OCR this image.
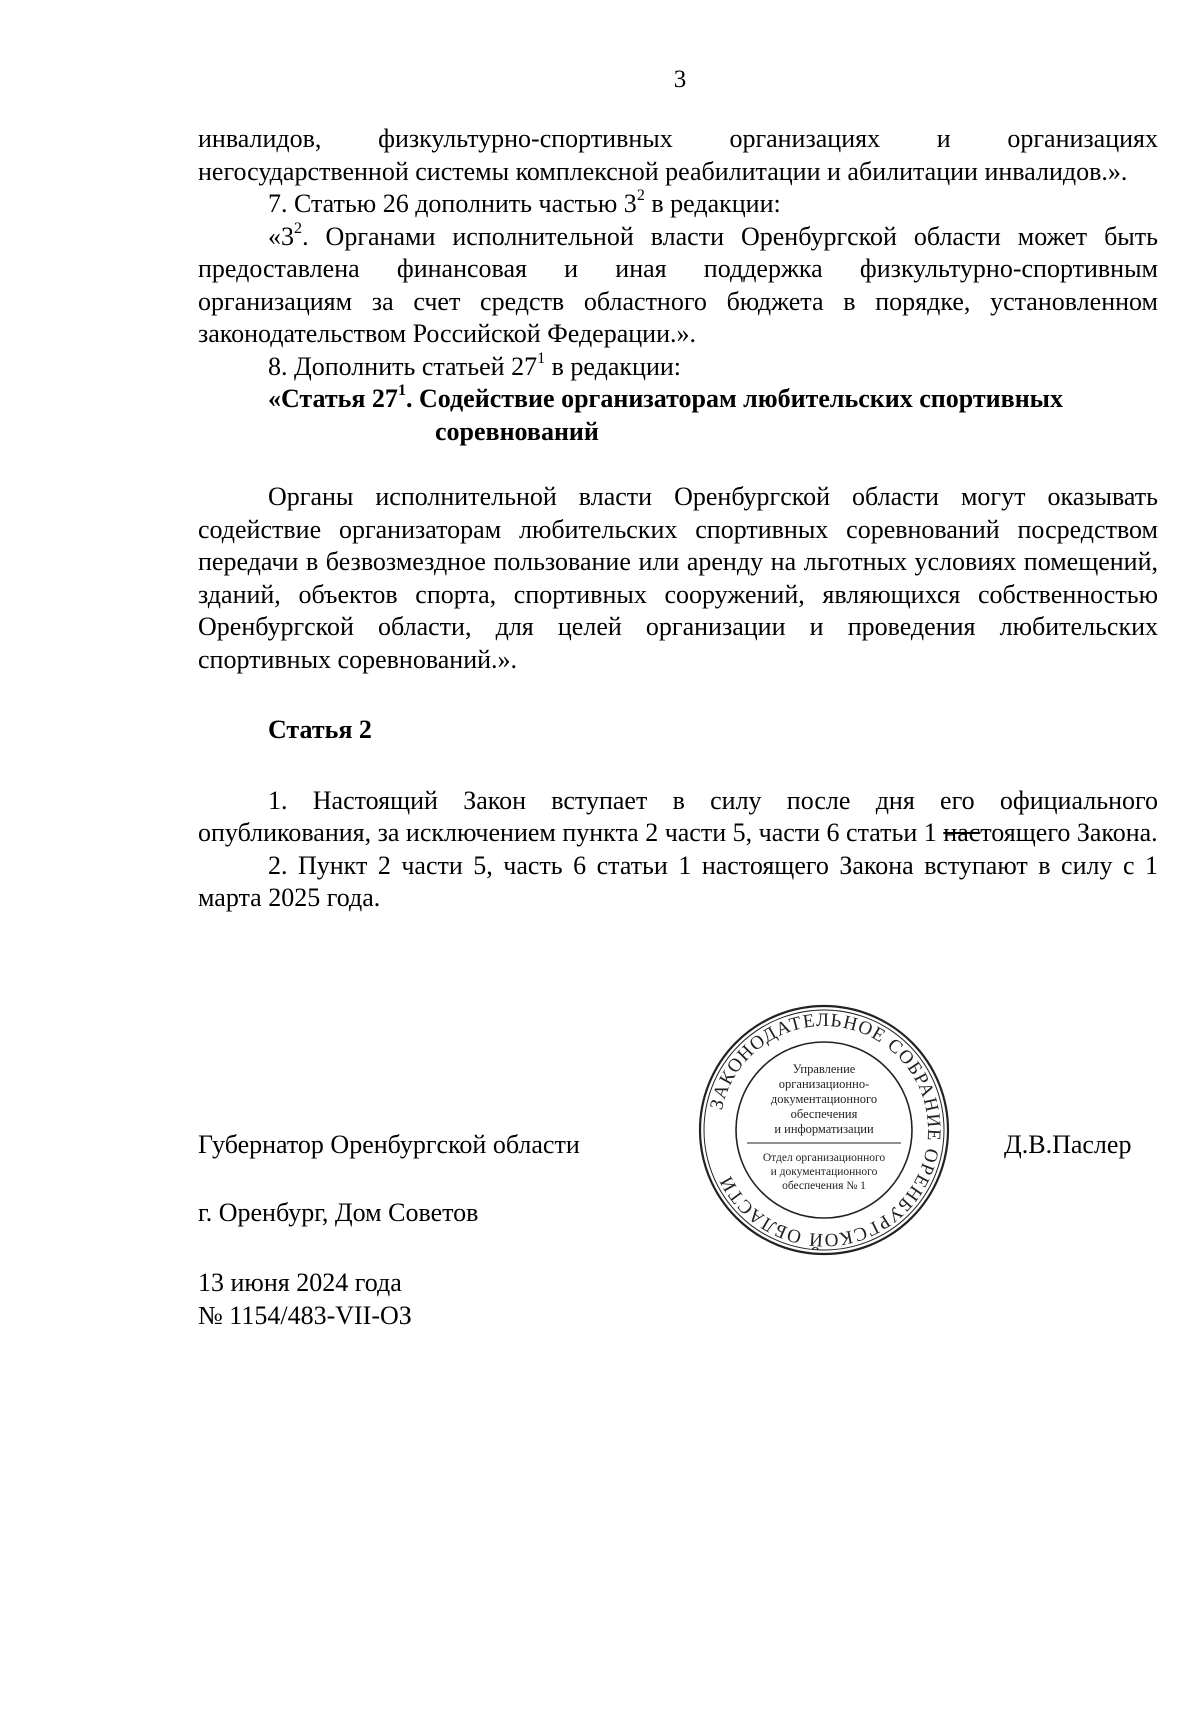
3

инвалидов, физкультурно-спортивных организациях и организациях негосударственной системы комплексной реабилитации и абилитации инвалидов.».

7. Статью 26 дополнить частью $3^2$ в редакции:

«$3^2$. Органами исполнительной власти Оренбургской области может быть предоставлена финансовая и иная поддержка физкультурно-спортивным организациям за счет средств областного бюджета в порядке, установленном законодательством Российской Федерации.».

8. Дополнить статьей $27^1$ в редакции:

«Статья $27^1$. Содействие организаторам любительских спортивных
соревнований

Органы исполнительной власти Оренбургской области могут оказывать содействие организаторам любительских спортивных соревнований посредством передачи в безвозмездное пользование или аренду на льготных условиях помещений, зданий, объектов спорта, спортивных сооружений, являющихся собственностью Оренбургской области, для целей организации и проведения любительских спортивных соревнований.».

Статья 2

1. Настоящий Закон вступает в силу после дня его официального опубликования, за исключением пункта 2 части 5, части 6 статьи 1 настоящего Закона.

2. Пункт 2 части 5, часть 6 статьи 1 настоящего Закона вступают в силу с 1 марта 2025 года.

ЗАКОНОДАТЕЛЬНОЕ СОБРАНИЕ ОРЕНБУРГСКОЙ ОБЛАСТИ
Управление
организационно-
документационного
обеспечения
и информатизации
Отдел организационного
и документационного
обеспечения № 1
Губернатор Оренбургской области	Д.В.Паслер
г. Оренбург, Дом Советов
13 июня 2024 года
№ 1154/483-VII-ОЗ
